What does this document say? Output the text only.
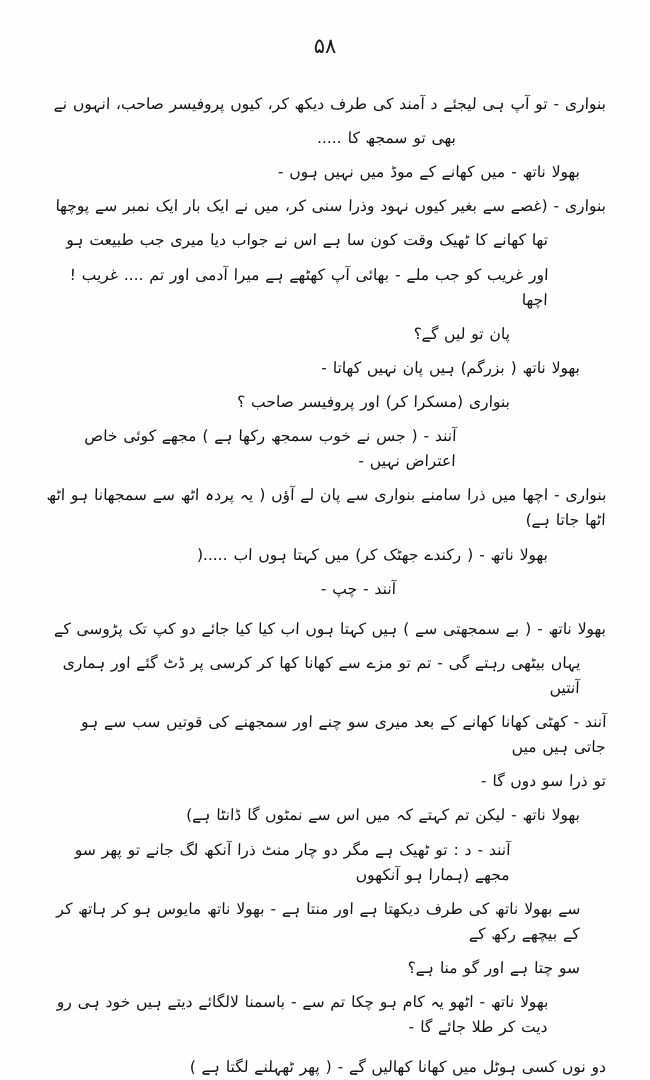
۵۸

بنواری - تو آپ ہی لیجئے د آمند کی طرف دیکھ کر، کیوں پروفیسر صاحب، انہوں نے

بھی تو سمجھ کا .....

بھولا ناتھ - میں کھانے کے موڈ میں نہیں ہوں -

بنواری - (غصے سے بغیر کیوں نہود وذرا سنی کر، میں نے ایک بار ایک نمبر سے پوچھا

تھا کھانے کا ٹھیک وقت کون سا ہے اس نے جواب دیا میری جب طبیعت ہو

اور غریب کو جب ملے - بھائی آپ کھٹھے ہے میرا آدمی اور تم .... غریب ! اچھا

پان تو لیں گے؟

بھولا ناتھ ( بزرگم) ہیں پان نہیں کھاتا -

بنواری (مسکرا کر) اور پروفیسر صاحب ؟

آنند - ( جس نے خوب سمجھ رکھا ہے ) مجھے کوئی خاص اعتراض نہیں -

بنواری - اچھا میں ذرا سامنے بنواری سے پان لے آؤں ( یہ پردہ اٹھ سے سمجھانا ہو اٹھ اٹھا جاتا ہے)

بھولا ناتھ - ( رکندے جھٹک کر) میں کہتا ہوں اب .....(

آنند - چپ -

بھولا ناتھ - ( بے سمجھتی سے ) ہیں کہتا ہوں اب کیا کیا جائے دو کپ تک پڑوسی کے

یہاں بیٹھی رہتے گی - تم تو مزے سے کھانا کھا کر کرسی پر ڈٹ گئے اور ہماری آنتیں

آنند - کھٹی کھانا کھانے کے بعد میری سو چنے اور سمجھنے کی قوتیں سب سے ہو جاتی ہیں میں

تو ذرا سو دوں گا -

بھولا ناتھ - لیکن تم کہتے کہ میں اس سے نمٹوں گا ڈانٹا ہے)

آنند - د : تو ٹھیک ہے مگر دو چار منٹ ذرا آنکھ لگ جانے تو پھر سو مجھے (ہمارا ہو آنکھوں

سے بھولا ناتھ کی طرف دیکھتا ہے اور منتا ہے - بھولا ناتھ مایوس ہو کر ہاتھ کر کے بیچھے رکھ کے

سو چتا ہے اور گو منا ہے؟

بھولا ناتھ - اٹھو یہ کام ہو چکا تم سے - باسمنا لالگائے دیتے ہیں خود ہی رو دیت کر طلا جائے گا -

دو نوں کسی ہوٹل میں کھانا کھالیں گے - ( پھر ٹھہلنے لگتا ہے )
